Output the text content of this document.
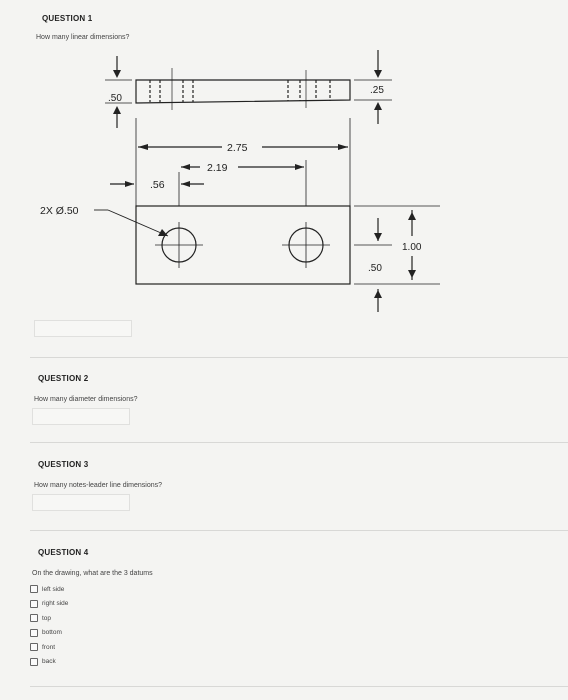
QUESTION 1
How many linear dimensions?
.50
.25
2.75
2.19
.56
2X Ø.50
1.00
.50
QUESTION 2
How many diameter dimensions?
QUESTION 3
How many notes-leader line dimensions?
QUESTION 4
On the drawing, what are the 3 datums
left side
right side
top
bottom
front
back
